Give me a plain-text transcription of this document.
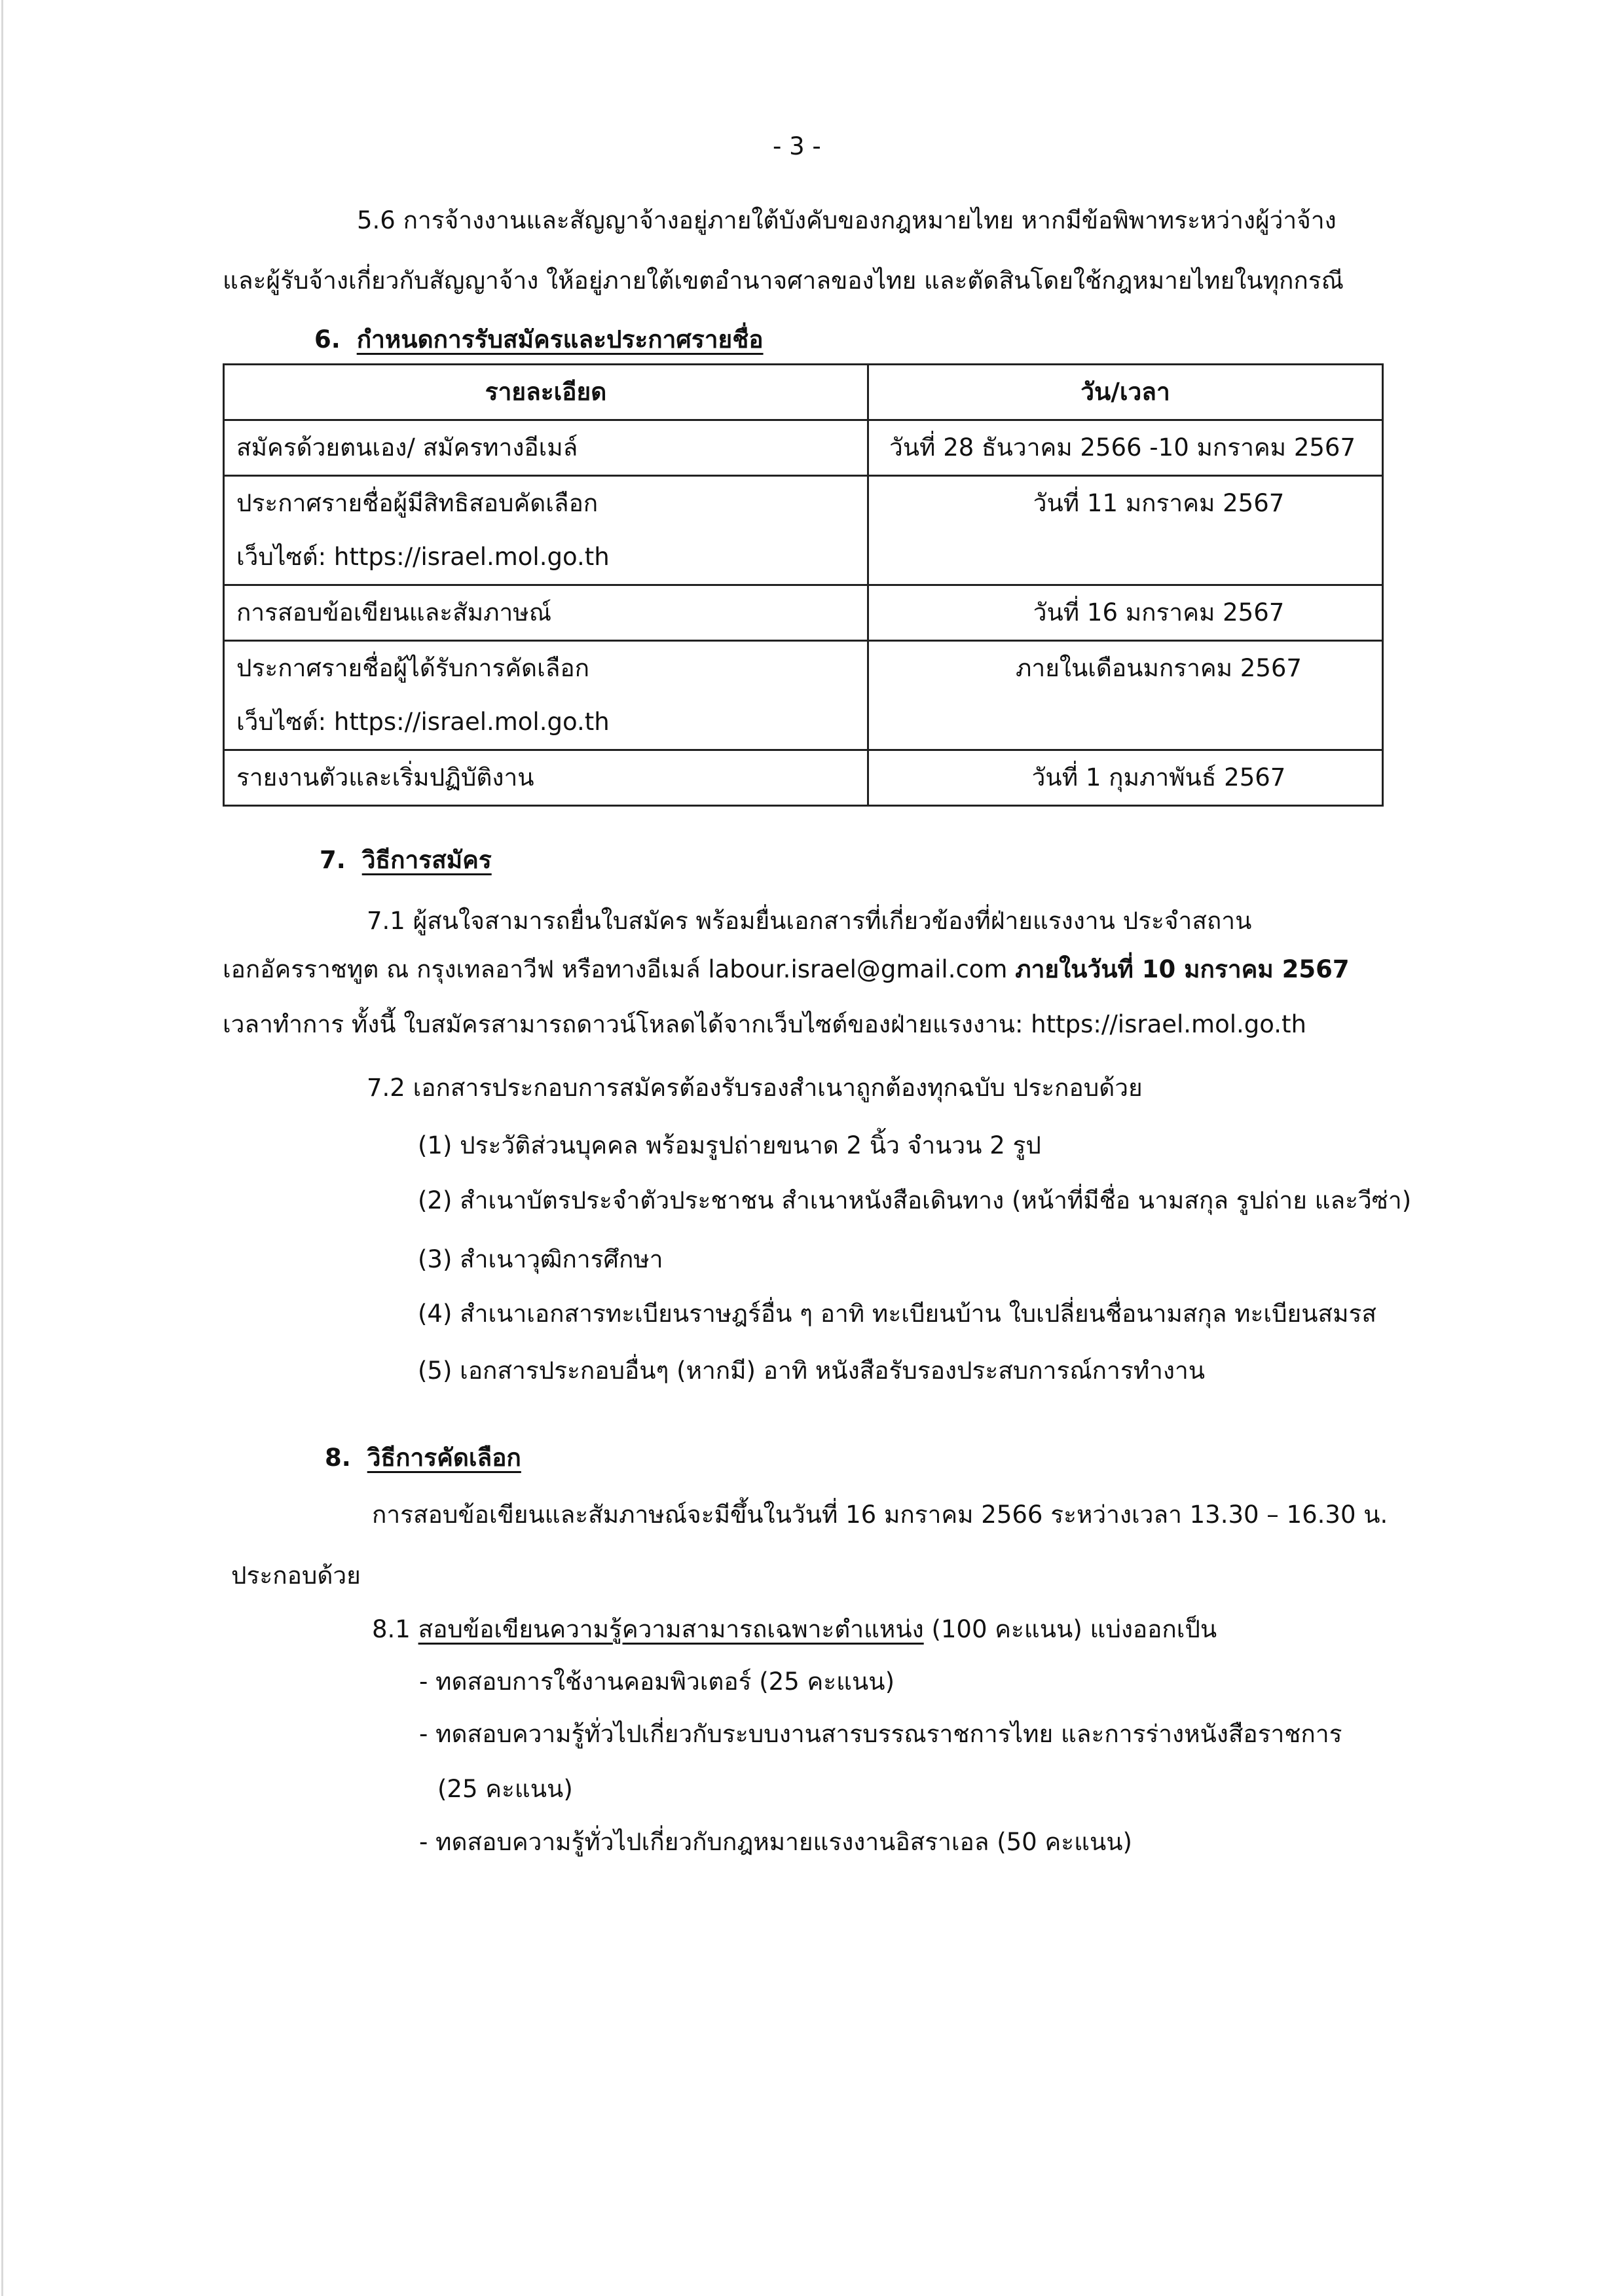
- 3 -
5.6 การจ้างงานและสัญญาจ้างอยู่ภายใต้บังคับของกฎหมายไทย หากมีข้อพิพาทระหว่างผู้ว่าจ้าง
และผู้รับจ้างเกี่ยวกับสัญญาจ้าง ให้อยู่ภายใต้เขตอำนาจศาลของไทย และตัดสินโดยใช้กฎหมายไทยในทุกกรณี
6. กำหนดการรับสมัครและประกาศรายชื่อ
รายละเอียด	วัน/เวลา

สมัครด้วยตนเอง/ สมัครทางอีเมล์	วันที่ 28 ธันวาคม 2566 -10 มกราคม 2567

ประกาศรายชื่อผู้มีสิทธิสอบคัดเลือก
เว็บไซต์: https://israel.mol.go.th	วันที่ 11 มกราคม 2567

การสอบข้อเขียนและสัมภาษณ์	วันที่ 16 มกราคม 2567

ประกาศรายชื่อผู้ได้รับการคัดเลือก
เว็บไซต์: https://israel.mol.go.th	ภายในเดือนมกราคม 2567

รายงานตัวและเริ่มปฏิบัติงาน	วันที่ 1 กุมภาพันธ์ 2567
7. วิธีการสมัคร
7.1 ผู้สนใจสามารถยื่นใบสมัคร พร้อมยื่นเอกสารที่เกี่ยวข้องที่ฝ่ายแรงงาน ประจำสถาน
เอกอัครราชทูต ณ กรุงเทลอาวีฟ หรือทางอีเมล์ labour.israel@gmail.com ภายในวันที่ 10 มกราคม 2567
เวลาทำการ ทั้งนี้ ใบสมัครสามารถดาวน์โหลดได้จากเว็บไซต์ของฝ่ายแรงงาน: https://israel.mol.go.th
7.2 เอกสารประกอบการสมัครต้องรับรองสำเนาถูกต้องทุกฉบับ ประกอบด้วย
(1) ประวัติส่วนบุคคล พร้อมรูปถ่ายขนาด 2 นิ้ว จำนวน 2 รูป
(2) สำเนาบัตรประจำตัวประชาชน สำเนาหนังสือเดินทาง (หน้าที่มีชื่อ นามสกุล รูปถ่าย และวีซ่า)
(3) สำเนาวุฒิการศึกษา
(4) สำเนาเอกสารทะเบียนราษฎร์อื่น ๆ อาทิ ทะเบียนบ้าน ใบเปลี่ยนชื่อนามสกุล ทะเบียนสมรส
(5) เอกสารประกอบอื่นๆ (หากมี) อาทิ หนังสือรับรองประสบการณ์การทำงาน
8. วิธีการคัดเลือก
การสอบข้อเขียนและสัมภาษณ์จะมีขึ้นในวันที่ 16 มกราคม 2566 ระหว่างเวลา 13.30 – 16.30 น.
ประกอบด้วย
8.1 สอบข้อเขียนความรู้ความสามารถเฉพาะตำแหน่ง (100 คะแนน) แบ่งออกเป็น
- ทดสอบการใช้งานคอมพิวเตอร์ (25 คะแนน)
- ทดสอบความรู้ทั่วไปเกี่ยวกับระบบงานสารบรรณราชการไทย และการร่างหนังสือราชการ
(25 คะแนน)
- ทดสอบความรู้ทั่วไปเกี่ยวกับกฎหมายแรงงานอิสราเอล (50 คะแนน)
